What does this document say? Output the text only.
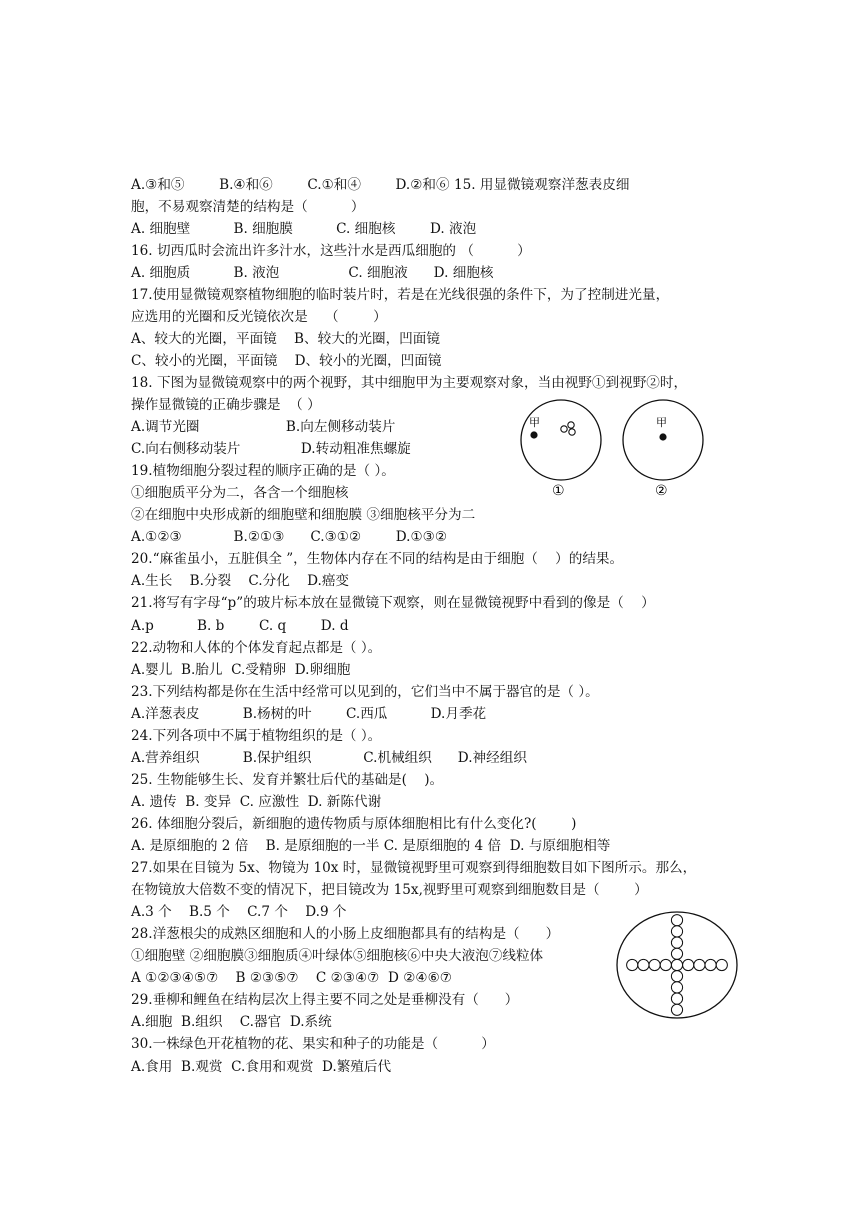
A.③和⑤        B.④和⑥        C.①和④        D.②和⑥ 15. 用显微镜观察洋葱表皮细
胞，不易观察清楚的结构是（          ）
A. 细胞壁          B. 细胞膜          C. 细胞核        D. 液泡
16. 切西瓜时会流出许多汁水，这些汁水是西瓜细胞的 （          ）
A. 细胞质          B. 液泡                C. 细胞液      D. 细胞核
17.使用显微镜观察植物细胞的临时装片时，若是在光线很强的条件下，为了控制进光量，
应选用的光圈和反光镜依次是    （        ）
A、较大的光圈，平面镜    B、较大的光圈，凹面镜
C、较小的光圈，平面镜    D、较小的光圈，凹面镜
18. 下图为显微镜观察中的两个视野，其中细胞甲为主要观察对象，当由视野①到视野②时，
操作显微镜的正确步骤是  （ ）
A.调节光圈                    B.向左侧移动装片
C.向右侧移动装片              D.转动粗准焦螺旋
19.植物细胞分裂过程的顺序正确的是（ ）。
①细胞质平分为二，各含一个细胞核
②在细胞中央形成新的细胞壁和细胞膜 ③细胞核平分为二
A.①②③            B.②①③      C.③①②        D.①③②
20.“麻雀虽小，五脏俱全 ”，生物体内存在不同的结构是由于细胞（    ）的结果。
A.生长    B.分裂    C.分化    D.癌变
21.将写有字母“p”的玻片标本放在显微镜下观察，则在显微镜视野中看到的像是（    ）
A.p          B. b        C. q        D. d
22.动物和人体的个体发育起点都是（ ）。
A.婴儿  B.胎儿  C.受精卵  D.卵细胞
23.下列结构都是你在生活中经常可以见到的，它们当中不属于器官的是（ ）。
A.洋葱表皮          B.杨树的叶        C.西瓜          D.月季花
24.下列各项中不属于植物组织的是（ ）。
A.营养组织          B.保护组织            C.机械组织      D.神经组织
25. 生物能够生长、发育并繁壮后代的基础是(    )。
A. 遗传  B. 变异  C. 应激性  D. 新陈代谢
26. 体细胞分裂后，新细胞的遗传物质与原体细胞相比有什么变化?(        )
A. 是原细胞的 2 倍    B. 是原细胞的一半 C. 是原细胞的 4 倍  D. 与原细胞相等
27.如果在目镜为 5x、物镜为 10x 时，显微镜视野里可观察到得细胞数目如下图所示。那么，
在物镜放大倍数不变的情况下，把目镜改为 15x,视野里可观察到细胞数目是（        ）
A.3 个    B.5 个    C.7 个    D.9 个
28.洋葱根尖的成熟区细胞和人的小肠上皮细胞都具有的结构是（      ）
①细胞壁 ②细胞膜③细胞质④叶绿体⑤细胞核⑥中央大液泡⑦线粒体
A ①②③④⑤⑦    B ②③⑤⑦    C ②③④⑦  D ②④⑥⑦
29.垂柳和鲤鱼在结构层次上得主要不同之处是垂柳没有（      ）
A.细胞  B.组织    C.器官  D.系统
30.一株绿色开花植物的花、果实和种子的功能是（          ）
A.食用  B.观赏  C.食用和观赏  D.繁殖后代
甲
①
甲
②
